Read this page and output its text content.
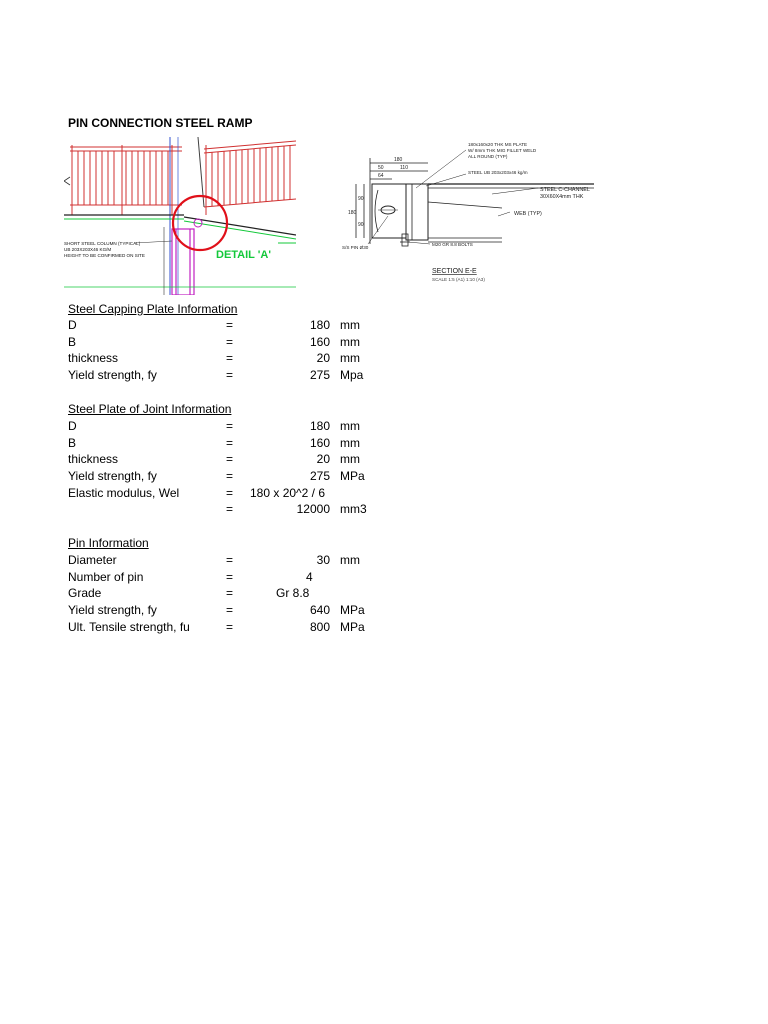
PIN CONNECTION STEEL RAMP
SHORT STEEL COLUMN (TYPICAL)
UB 203X203X46 KG/M
HEIGHT TO BE CONFIRMED ON SITE	DETAIL 'A'
180
50	110
64
90
90
180
180x160x20 THK MS PLATE
W/ 8mm THK MIG FILLET WELD
ALL ROUND (TYP)
STEEL UB 203x203x46 kg/m
STEEL C-CHANNEL
30X60X4mm THK
WEB (TYP)
S/S PIN Ø30
M20 GR 8.8 BOLTS
SECTION E-E
SCALE 1:5 (A1) 1:10 (A3)
Steel Capping Plate Information
D	=	180 mm
B	=	160 mm
thickness	=	20 mm
Yield strength, fy	=	275 Mpa
Steel Plate of Joint Information
D	=	180 mm
B	=	160 mm
thickness	=	20 mm
Yield strength, fy	=	275 MPa
Elastic modulus, Wel	= 180 x 20^2 / 6
=	12000 mm3
Pin Information
Diameter	=	30 mm
Number of pin	=	4
Grade	=	Gr 8.8
Yield strength, fy	=	640 MPa
Ult. Tensile strength, fu	=	800 MPa
